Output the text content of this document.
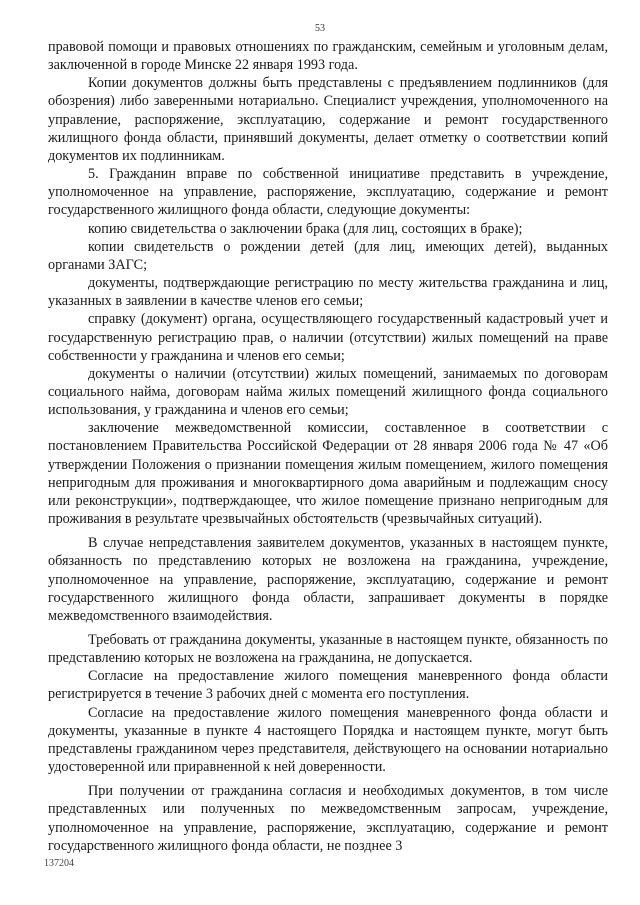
53

правовой помощи и правовых отношениях по гражданским, семейным и уголовным делам, заключенной в городе Минске 22 января 1993 года.

Копии документов должны быть представлены с предъявлением подлинников (для обозрения) либо заверенными нотариально. Специалист учреждения, уполномоченного на управление, распоряжение, эксплуатацию, содержание и ремонт государственного жилищного фонда области, принявший документы, делает отметку о соответствии копий документов их подлинникам.

5. Гражданин вправе по собственной инициативе представить в учреждение, уполномоченное на управление, распоряжение, эксплуатацию, содержание и ремонт государственного жилищного фонда области, следующие документы:

копию свидетельства о заключении брака (для лиц, состоящих в браке);

копии свидетельств о рождении детей (для лиц, имеющих детей), выданных органами ЗАГС;

документы, подтверждающие регистрацию по месту жительства гражданина и лиц, указанных в заявлении в качестве членов его семьи;

справку (документ) органа, осуществляющего государственный кадастровый учет и государственную регистрацию прав, о наличии (отсутствии) жилых помещений на праве собственности у гражданина и членов его семьи;

документы о наличии (отсутствии) жилых помещений, занимаемых по договорам социального найма, договорам найма жилых помещений жилищного фонда социального использования, у гражданина и членов его семьи;

заключение межведомственной комиссии, составленное в соответствии с постановлением Правительства Российской Федерации от 28 января 2006 года № 47 «Об утверждении Положения о признании помещения жилым помещением, жилого помещения непригодным для проживания и многоквартирного дома аварийным и подлежащим сносу или реконструкции», подтверждающее, что жилое помещение признано непригодным для проживания в результате чрезвычайных обстоятельств (чрезвычайных ситуаций).

В случае непредставления заявителем документов, указанных в настоящем пункте, обязанность по представлению которых не возложена на гражданина, учреждение, уполномоченное на управление, распоряжение, эксплуатацию, содержание и ремонт государственного жилищного фонда области, запрашивает документы в порядке межведомственного взаимодействия.

Требовать от гражданина документы, указанные в настоящем пункте, обязанность по представлению которых не возложена на гражданина, не допускается.

Согласие на предоставление жилого помещения маневренного фонда области регистрируется в течение 3 рабочих дней с момента его поступления.

Согласие на предоставление жилого помещения маневренного фонда области и документы, указанные в пункте 4 настоящего Порядка и настоящем пункте, могут быть представлены гражданином через представителя, действующего на основании нотариально удостоверенной или приравненной к ней доверенности.

При получении от гражданина согласия и необходимых документов, в том числе представленных или полученных по межведомственным запросам, учреждение, уполномоченное на управление, распоряжение, эксплуатацию, содержание и ремонт государственного жилищного фонда области, не позднее 3

137204
